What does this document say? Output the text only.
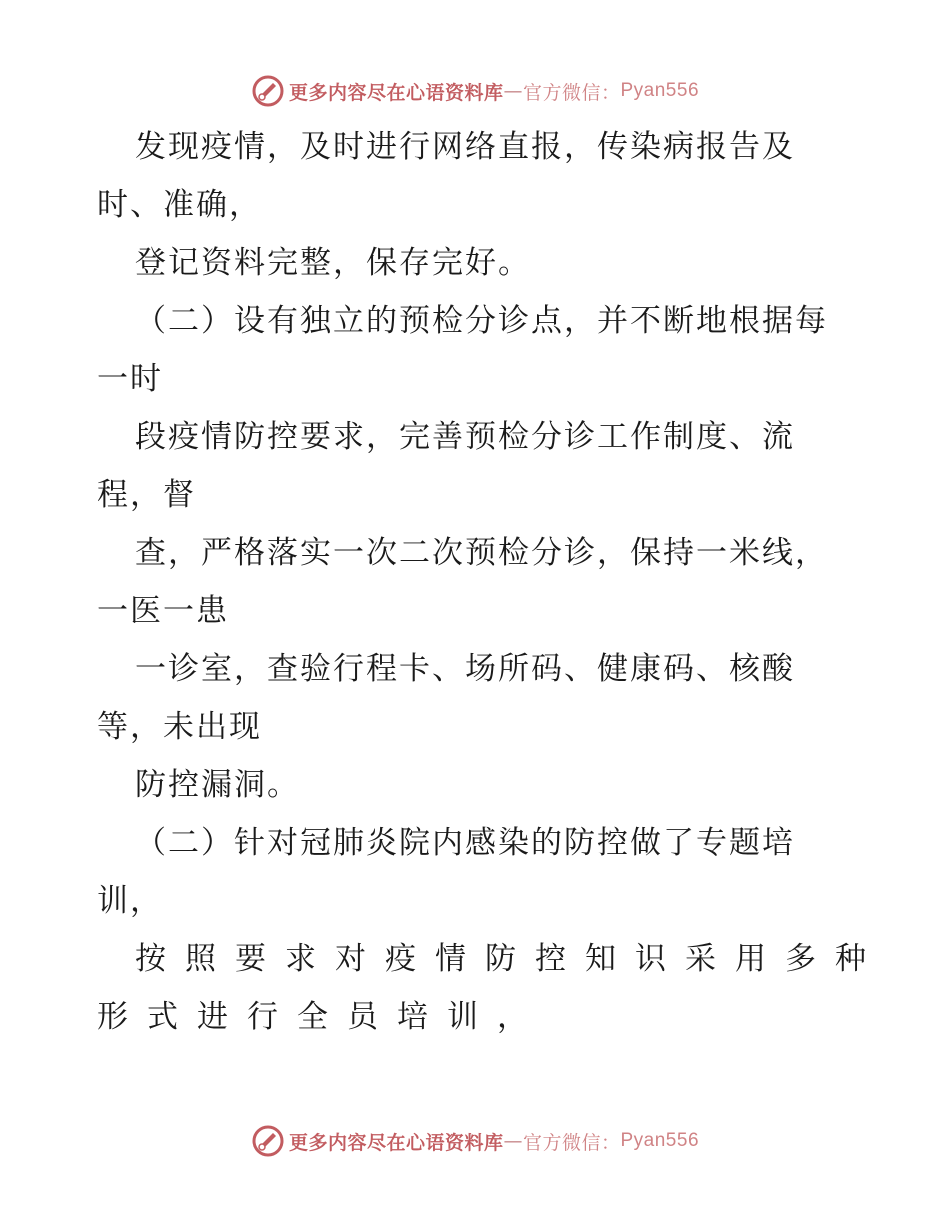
更多内容尽在心语资料库 — 官方微信： Pyan556
发现疫情，及时进行网络直报，传染病报告及
时、准确，
登记资料完整，保存完好。
（二）设有独立的预检分诊点，并不断地根据每
一时
段疫情防控要求，完善预检分诊工作制度、流
程，督
查，严格落实一次二次预检分诊，保持一米线，
一医一患
一诊室，查验行程卡、场所码、健康码、核酸
等，未出现
防控漏洞。
（二）针对冠肺炎院内感染的防控做了专题培
训，
按照要求对疫情防控知识采用多种
形式进行全员培训，
更多内容尽在心语资料库 — 官方微信： Pyan556
